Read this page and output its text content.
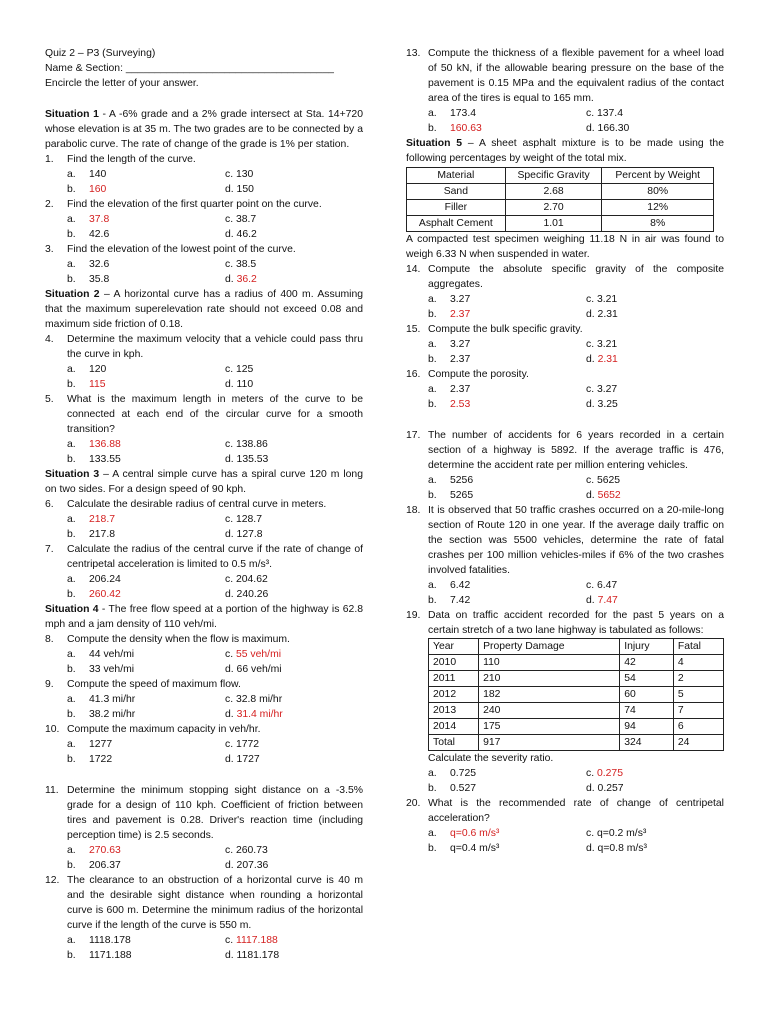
Quiz 2 – P3 (Surveying)
Name & Section: ____________________________________
Encircle the letter of your answer.
Situation 1 - A -6% grade and a 2% grade intersect at Sta. 14+720 whose elevation is at 35 m. The two grades are to be connected by a parabolic curve. The rate of change of the grade is 1% per station.
1. Find the length of the curve.
a. 140	c. 130
b. 160	d. 150
2. Find the elevation of the first quarter point on the curve.
a. 37.8	c. 38.7
b. 42.6	d. 46.2
3. Find the elevation of the lowest point of the curve.
a. 32.6	c. 38.5
b. 35.8	d. 36.2
Situation 2 – A horizontal curve has a radius of 400 m. Assuming that the maximum superelevation rate should not exceed 0.08 and maximum side friction of 0.18.
4. Determine the maximum velocity that a vehicle could pass thru the curve in kph.
a. 120	c. 125
b. 115	d. 110
5. What is the maximum length in meters of the curve to be connected at each end of the circular curve for a smooth transition?
a. 136.88	c. 138.86
b. 133.55	d. 135.53
Situation 3 – A central simple curve has a spiral curve 120 m long on two sides. For a design speed of 90 kph.
6. Calculate the desirable radius of central curve in meters.
a. 218.7	c. 128.7
b. 217.8	d. 127.8
7. Calculate the radius of the central curve if the rate of change of centripetal acceleration is limited to 0.5 m/s³.
a. 206.24	c. 204.62
b. 260.42	d. 240.26
Situation 4 - The free flow speed at a portion of the highway is 62.8 mph and a jam density of 110 veh/mi.
8. Compute the density when the flow is maximum.
a. 44 veh/mi	c. 55 veh/mi
b. 33 veh/mi	d. 66 veh/mi
9. Compute the speed of maximum flow.
a. 41.3 mi/hr	c. 32.8 mi/hr
b. 38.2 mi/hr	d. 31.4 mi/hr
10. Compute the maximum capacity in veh/hr.
a. 1277	c. 1772
b. 1722	d. 1727
11. Determine the minimum stopping sight distance on a -3.5% grade for a design of 110 kph. Coefficient of friction between tires and pavement is 0.28. Driver's reaction time (including perception time) is 2.5 seconds.
a. 270.63	c. 260.73
b. 206.37	d. 207.36
12. The clearance to an obstruction of a horizontal curve is 40 m and the desirable sight distance when rounding a horizontal curve is 600 m. Determine the minimum radius of the horizontal curve if the length of the curve is 550 m.
a. 1118.178	c. 1117.188
b. 1171.188	d. 1181.178
13. Compute the thickness of a flexible pavement for a wheel load of 50 kN, if the allowable bearing pressure on the base of the pavement is 0.15 MPa and the equivalent radius of the contact area of the tires is equal to 165 mm.
a. 173.4	c. 137.4
b. 160.63	d. 166.30
Situation 5 – A sheet asphalt mixture is to be made using the following percentages by weight of the total mix.
Material	Specific Gravity	Percent by Weight
Sand	2.68	80%
Filler	2.70	12%
Asphalt Cement	1.01	8%
A compacted test specimen weighing 11.18 N in air was found to weigh 6.33 N when suspended in water.
14. Compute the absolute specific gravity of the composite aggregates.
a. 3.27	c. 3.21
b. 2.37	d. 2.31
15. Compute the bulk specific gravity.
a. 3.27	c. 3.21
b. 2.37	d. 2.31
16. Compute the porosity.
a. 2.37	c. 3.27
b. 2.53	d. 3.25
17. The number of accidents for 6 years recorded in a certain section of a highway is 5892. If the average traffic is 476, determine the accident rate per million entering vehicles.
a. 5256	c. 5625
b. 5265	d. 5652
18. It is observed that 50 traffic crashes occurred on a 20-mile-long section of Route 120 in one year. If the average daily traffic on the section was 5500 vehicles, determine the rate of fatal crashes per 100 million vehicles-miles if 6% of the two crashes involved fatalities.
a. 6.42	c. 6.47
b. 7.42	d. 7.47
19. Data on traffic accident recorded for the past 5 years on a certain stretch of a two lane highway is tabulated as follows:
Year	Property Damage	Injury	Fatal
2010	110	42	4
2011	210	54	2
2012	182	60	5
2013	240	74	7
2014	175	94	6
Total	917	324	24
Calculate the severity ratio.
a. 0.725	c. 0.275
b. 0.527	d. 0.257
20. What is the recommended rate of change of centripetal acceleration?
a. q=0.6 m/s³	c. q=0.2 m/s³
b. q=0.4 m/s³	d. q=0.8 m/s³
